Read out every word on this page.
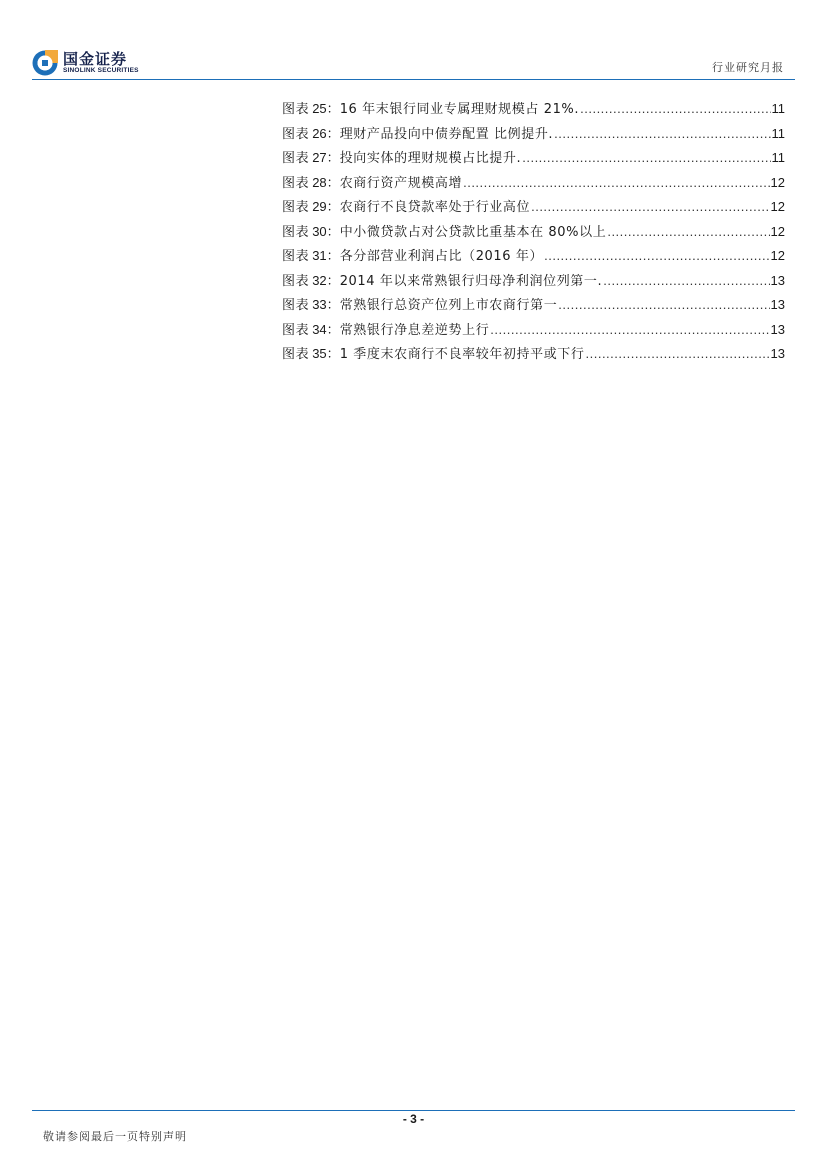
国金证券
SINOLINK SECURITIES	行业研究月报
图表 25：16 年末银行同业专属理财规模占 21%. .....	11
图表 26：理财产品投向中债券配置 比例提升. .....	11
图表 27：投向实体的理财规模占比提升. .....	11
图表 28：农商行资产规模高增 .....	12
图表 29：农商行不良贷款率处于行业高位 .....	12
图表 30：中小微贷款占对公贷款比重基本在 80%以上 .....	12
图表 31：各分部营业利润占比（2016 年） .....	12
图表 32：2014 年以来常熟银行归母净利润位列第一. .....	13
图表 33：常熟银行总资产位列上市农商行第一 .....	13
图表 34：常熟银行净息差逆势上行 .....	13
图表 35：1 季度末农商行不良率较年初持平或下行 .....	13
- 3 -
敬请参阅最后一页特别声明
